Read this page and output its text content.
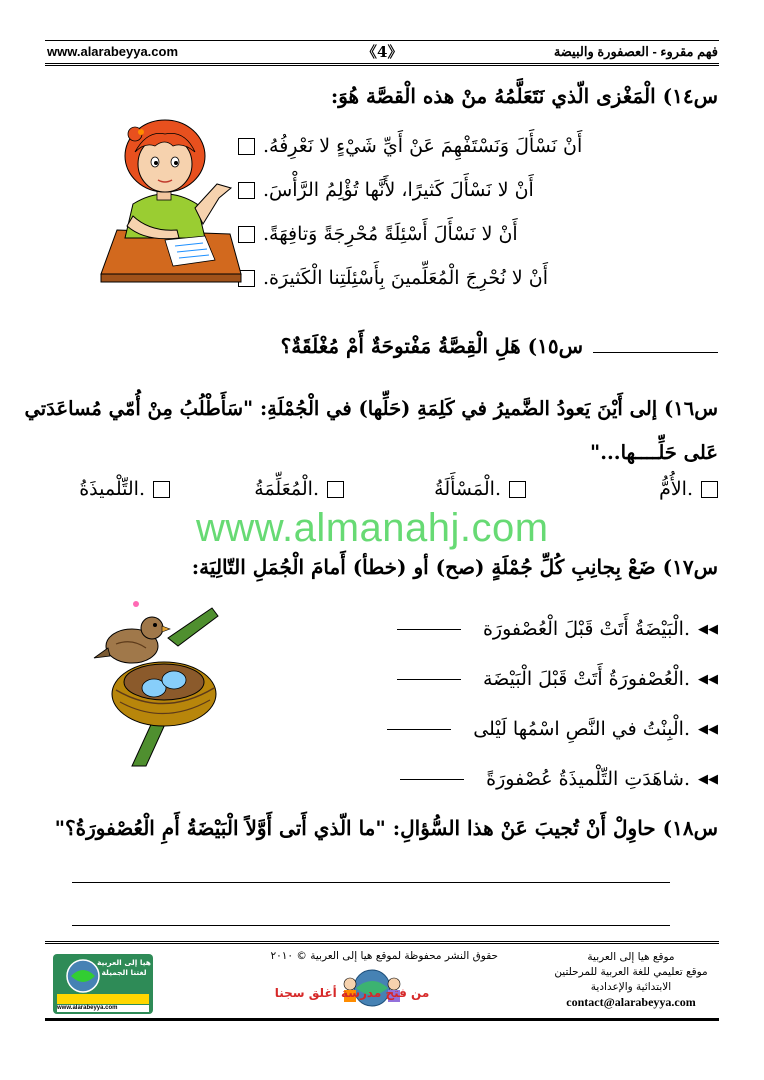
www.alarabeyya.com	《4》	فهم مقروء - العصفورة والبيضة
س١٤) الْمَغْزى الّذي نَتَعَلَّمُهُ منْ هذه الْقصَّة هُوَ:
أَنْ نَسْأَلَ وَنَسْتَفْهِمَ عَنْ أَيِّ شَيْءٍ لا نَعْرِفُهُ.
أَنْ لا نَسْأَلَ كَثيرًا، لأَنَّها تُؤْلِمُ الرَّأْسَ.
أَنْ لا نَسْأَلَ أَسْئِلَةً مُحْرِجَةً وَتافِهَةً.
أَنْ لا نُحْرِجَ الْمُعَلِّمينَ بِأَسْئِلَتِنا الْكَثيرَة.
س١٥) هَلِ الْقِصَّةُ مَفْتوحَةٌ أَمْ مُغْلَقَةٌ؟
س١٦) إلى أَيْنَ يَعودُ الضَّميرُ في كَلِمَةِ (حَلِّها) في الْجُمْلَةِ: "سَأَطْلُبُ مِنْ أُمّي مُساعَدَتي
عَلى حَلِّــــها..."
الأُمُّ.
الْمَسْأَلَةُ.
الْمُعَلِّمَةُ.
التِّلْميذَةُ.
www.almanahj.com
س١٧) ضَعْ بِجانِبِ كُلِّ جُمْلَةٍ (صح) أو (خطأ) أَمامَ الْجُمَلِ التّالِيَة:
◀◀
الْبَيْضَةُ أَتَتْ قَبْلَ الْعُصْفورَة.
◀◀
الْعُصْفورَةُ أَتَتْ قَبْلَ الْبَيْضَة.
◀◀
الْبِنْتُ في النَّصِ اسْمُها لَيْلى.
◀◀
شاهَدَتِ التِّلْميذَةُ عُصْفورَةً.
س١٨) حاوِلْ أَنْ تُجيبَ عَنْ هذا السُّؤالِ: "ما الّذي أَتى أَوَّلاً الْبَيْضَةُ أَمِ الْعُصْفورَةُ؟"
هيا إلى العربية لغتنا الجميلة
www.alarabeyya.com
حقوق النشر محفوظة لموقع هيا إلى العربية © ٢٠١٠
من فتح مدرسة أغلق سجنا
موقع هيا إلى العربية
موقع تعليمي للغة العربية للمرحلتين
الابتدائية والإعدادية
contact@alarabeyya.com
